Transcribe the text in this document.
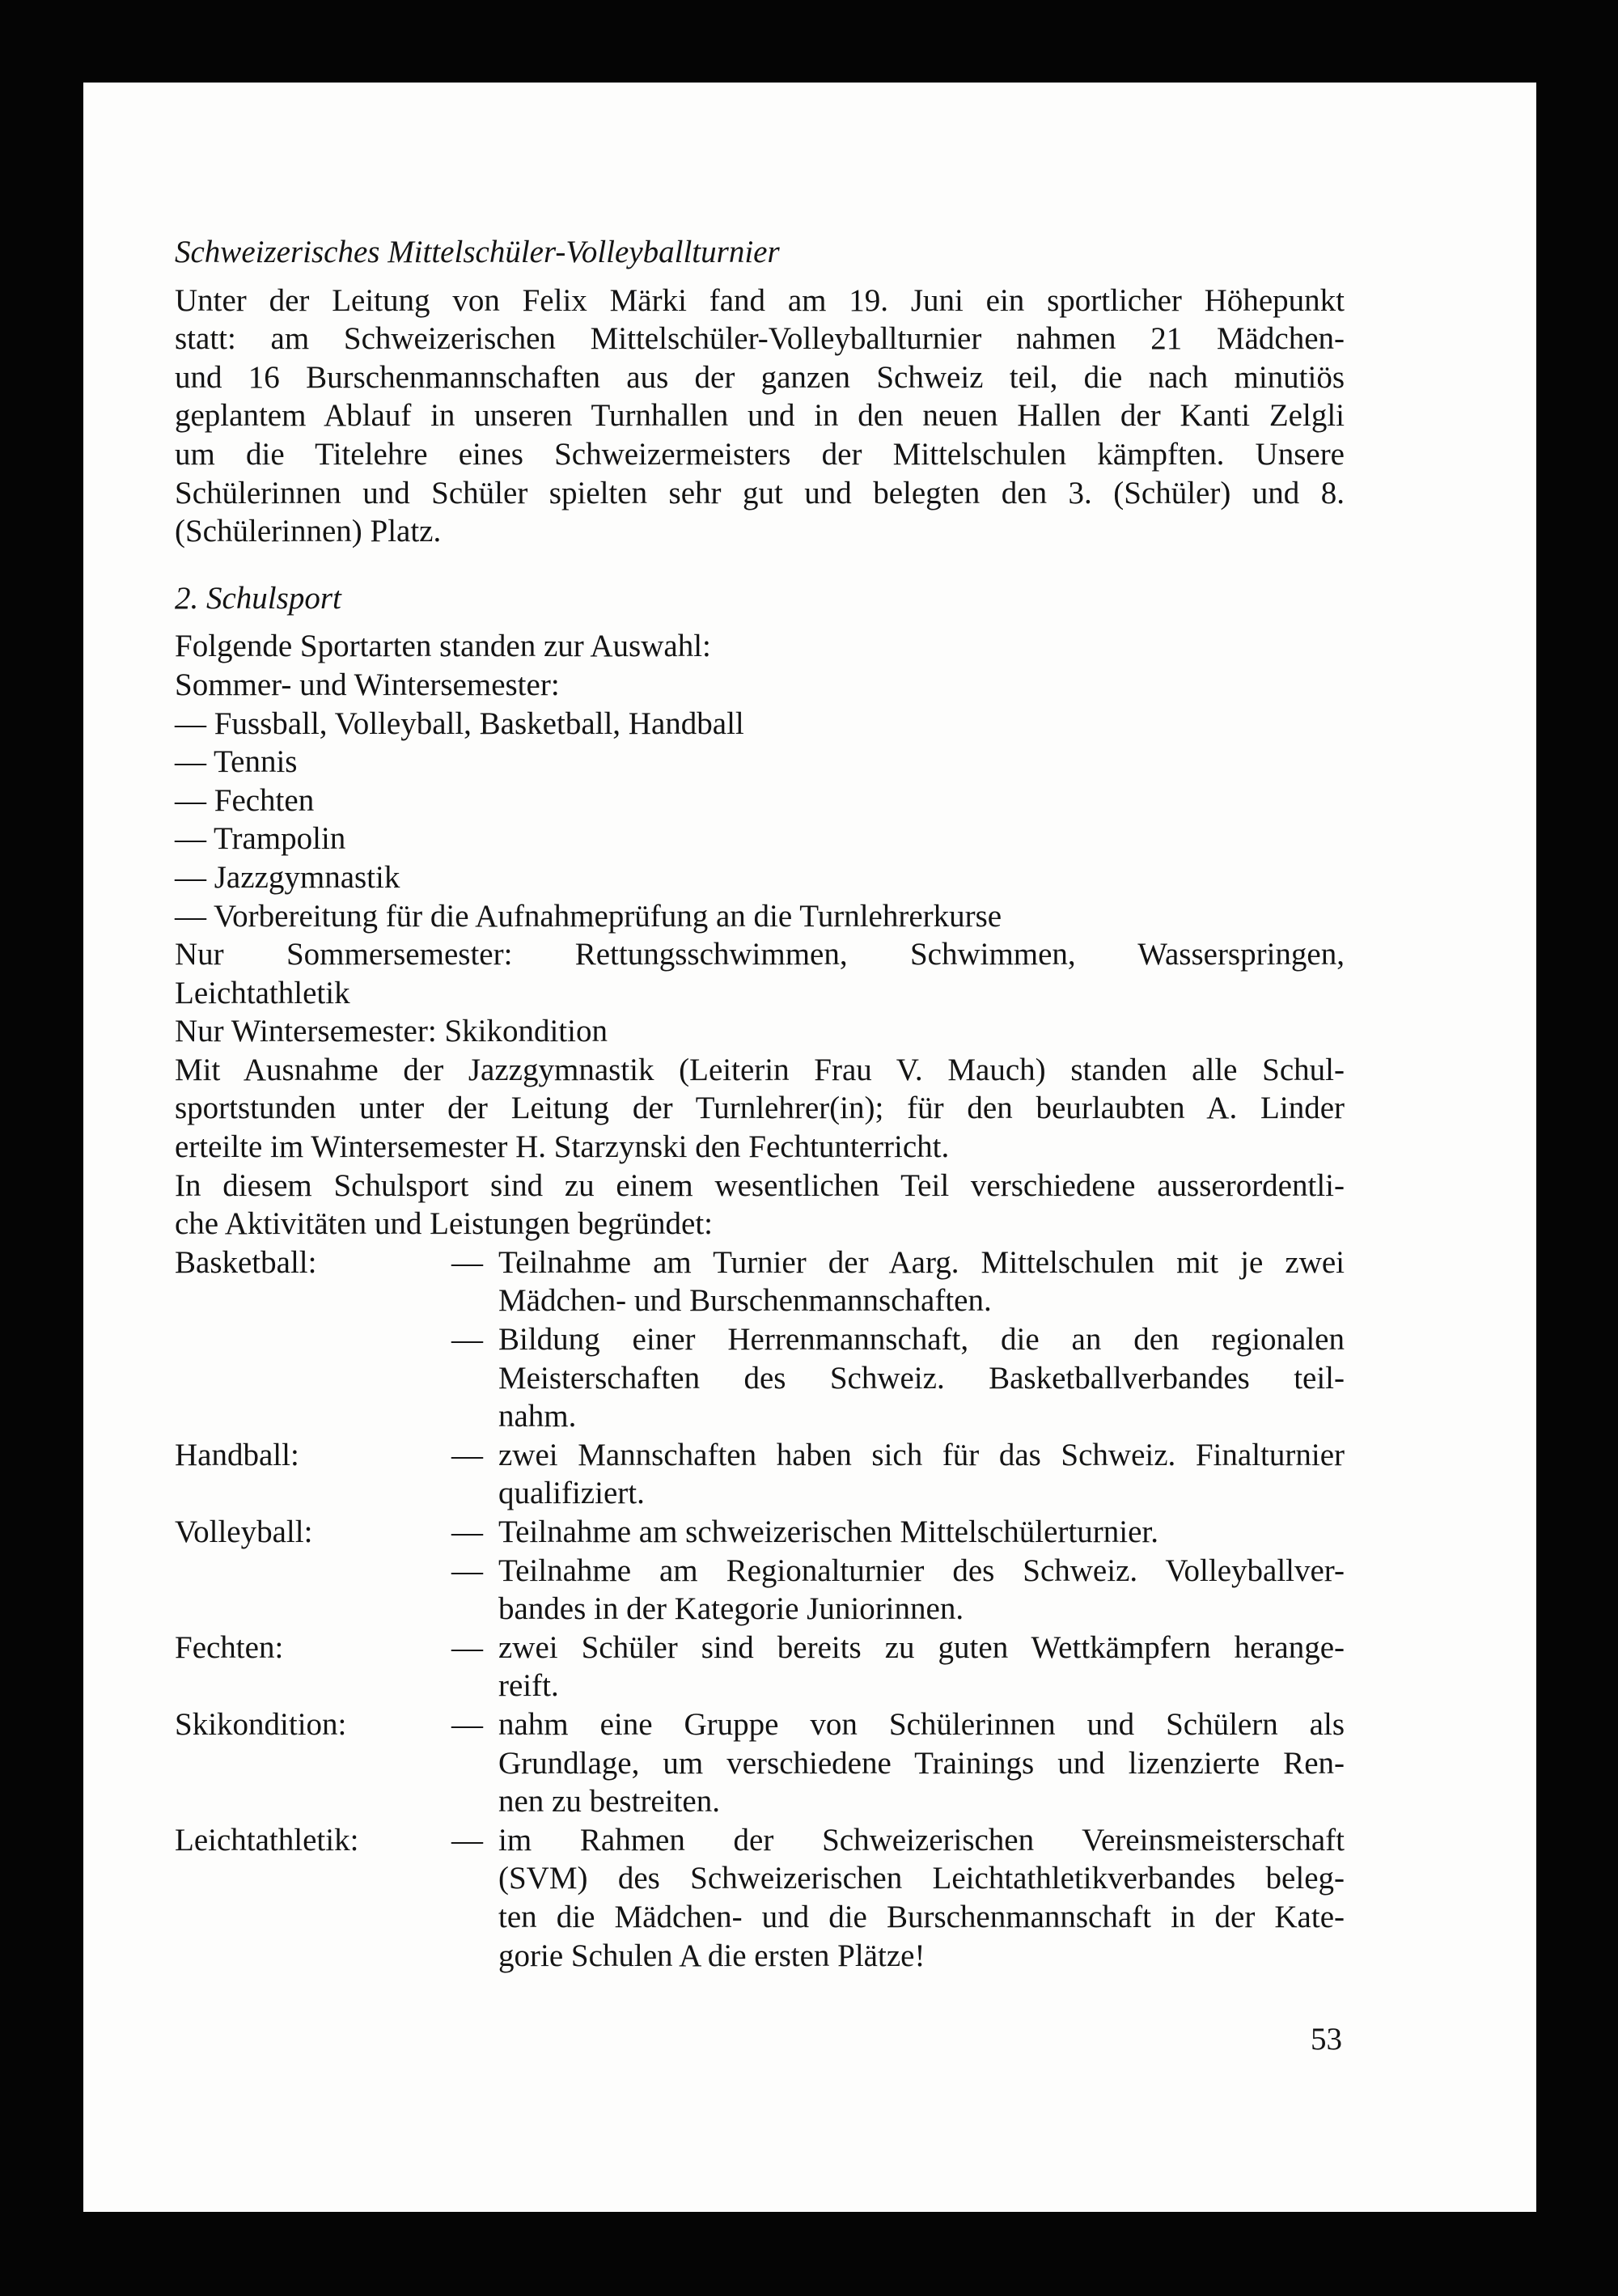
Schweizerisches Mittelschüler-Volleyballturnier

Unter der Leitung von Felix Märki fand am 19. Juni ein sportlicher Höhepunkt

statt: am Schweizerischen Mittelschüler-Volleyballturnier nahmen 21 Mädchen-

und 16 Burschenmannschaften aus der ganzen Schweiz teil, die nach minutiös

geplantem Ablauf in unseren Turnhallen und in den neuen Hallen der Kanti Zelgli

um die Titelehre eines Schweizermeisters der Mittelschulen kämpften. Unsere

Schülerinnen und Schüler spielten sehr gut und belegten den 3. (Schüler) und 8.

(Schülerinnen) Platz.

2. Schulsport

Folgende Sportarten standen zur Auswahl:

Sommer- und Wintersemester:

— Fussball, Volleyball, Basketball, Handball

— Tennis

— Fechten

— Trampolin

— Jazzgymnastik

— Vorbereitung für die Aufnahmeprüfung an die Turnlehrerkurse

Nur Sommersemester: Rettungsschwimmen, Schwimmen, Wasserspringen,

Leichtathletik

Nur Wintersemester: Skikondition

Mit Ausnahme der Jazzgymnastik (Leiterin Frau V. Mauch) standen alle Schul-

sportstunden unter der Leitung der Turnlehrer(in); für den beurlaubten A. Linder

erteilte im Wintersemester H. Starzynski den Fechtunterricht.

In diesem Schulsport sind zu einem wesentlichen Teil verschiedene ausserordentli-

che Aktivitäten und Leistungen begründet:

Basketball:	— Teilnahme am Turnier der Aarg. Mittelschulen mit je zwei

Mädchen- und Burschenmannschaften.

— Bildung einer Herrenmannschaft, die an den regionalen

Meisterschaften des Schweiz. Basketballverbandes teil-

nahm.

Handball:	— zwei Mannschaften haben sich für das Schweiz. Finalturnier

qualifiziert.

Volleyball:	— Teilnahme am schweizerischen Mittelschülerturnier.

— Teilnahme am Regionalturnier des Schweiz. Volleyballver-

bandes in der Kategorie Juniorinnen.

Fechten:	— zwei Schüler sind bereits zu guten Wettkämpfern herange-

reift.

Skikondition:	— nahm eine Gruppe von Schülerinnen und Schülern als

Grundlage, um verschiedene Trainings und lizenzierte Ren-

nen zu bestreiten.

Leichtathletik:	— im Rahmen der Schweizerischen Vereinsmeisterschaft

(SVM) des Schweizerischen Leichtathletikverbandes beleg-

ten die Mädchen- und die Burschenmannschaft in der Kate-

gorie Schulen A die ersten Plätze!

53
